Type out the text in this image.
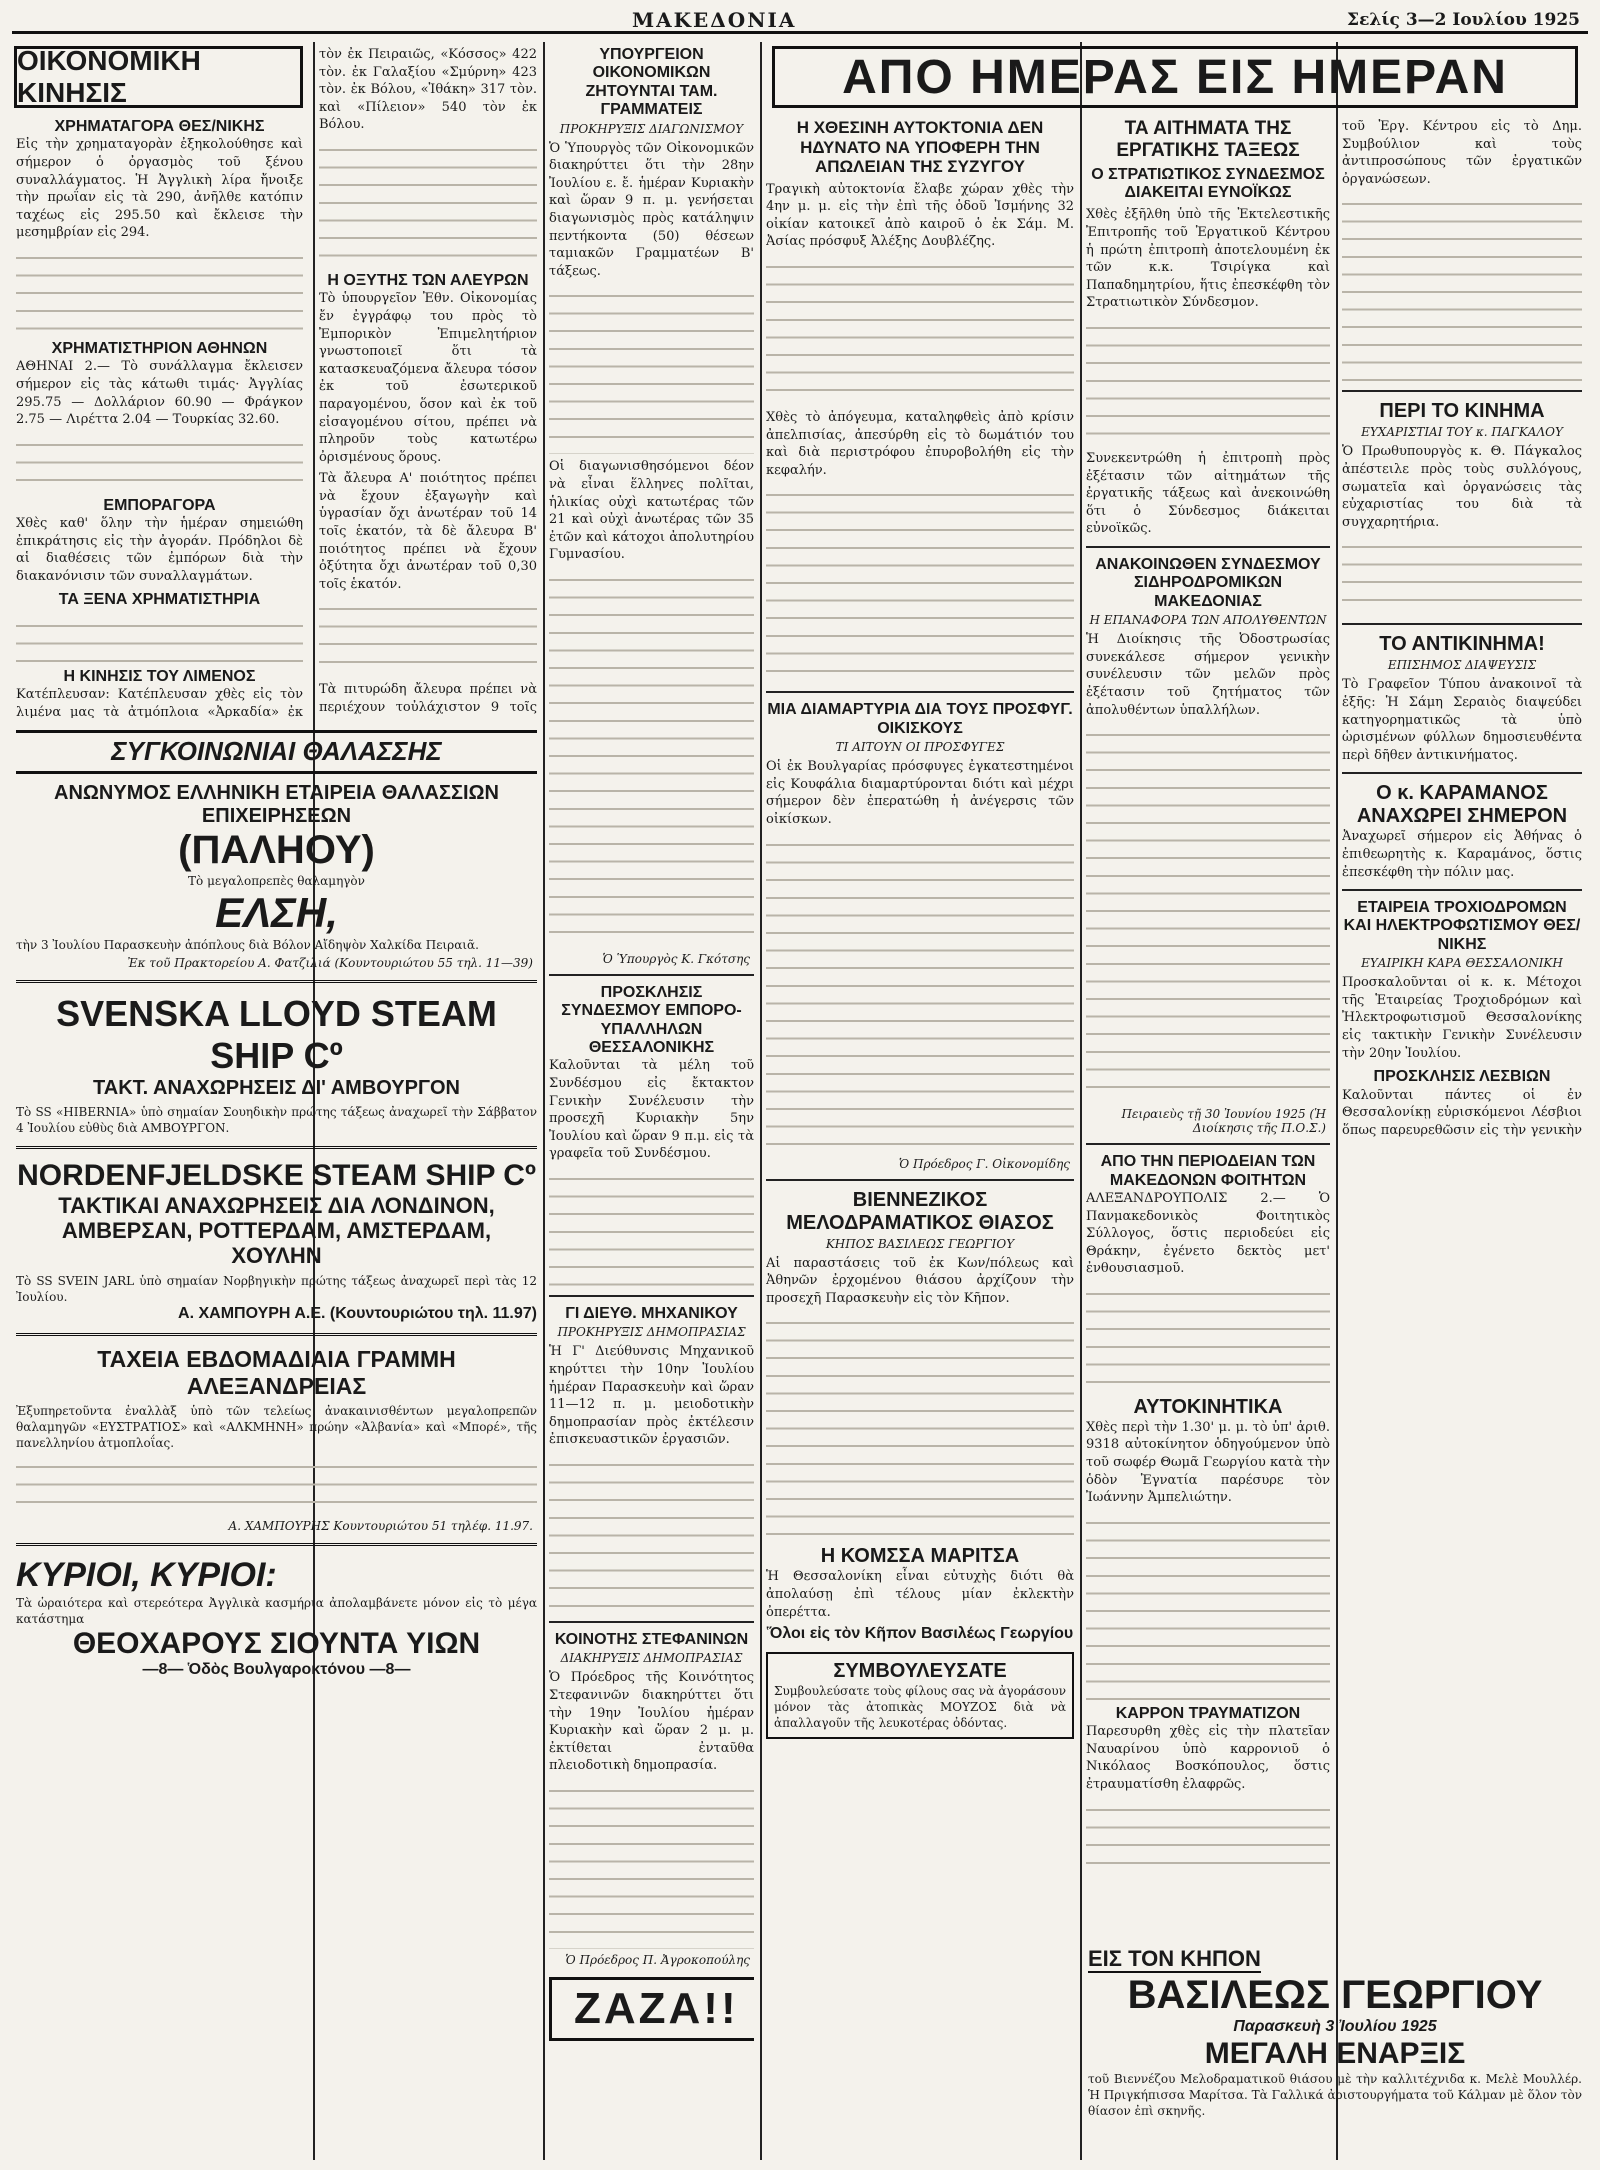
ΜΑΚΕΔΟΝΙΑ	Σελίς 3—2 Ιουλίου 1925
ΟΙΚΟΝΟΜΙΚΗ ΚΙΝΗΣΙΣ	ΑΠΟ ΗΜΕΡΑΣ ΕΙΣ ΗΜΕΡΑΝ
ΧΡΗΜΑΤΑΓΟΡΑ ΘΕΣ/ΝΙΚΗΣ
Εἰς τὴν χρηματαγορὰν ἐξηκολούθησε καὶ σήμερον ὁ ὀργασμὸς τοῦ ξένου συναλλάγματος. Ἡ Ἀγγλικὴ λίρα ἤνοιξε τὴν πρωΐαν εἰς τὰ 290, ἀνῆλθε κατόπιν ταχέως εἰς 295.50 καὶ ἔκλεισε τὴν μεσημβρίαν εἰς 294.
ΧΡΗΜΑΤΙΣΤΗΡΙΟΝ ΑΘΗΝΩΝ
ΑΘΗΝΑΙ 2.— Τὸ συνάλλαγμα ἔκλεισεν σήμερον εἰς τὰς κάτωθι τιμάς· Ἀγγλίας 295.75 — Δολλάριον 60.90 — Φράγκον 2.75 — Λιρέττα 2.04 — Τουρκίας 32.60.
ΕΜΠΟΡΑΓΟΡΑ
Χθὲς καθ' ὅλην τὴν ἡμέραν σημειώθη ἐπικράτησις εἰς τὴν ἀγοράν. Πρόδηλοι δὲ αἱ διαθέσεις τῶν ἐμπόρων διὰ τὴν διακανόνισιν τῶν συναλλαγμάτων.
ΤΑ ΞΕΝΑ ΧΡΗΜΑΤΙΣΤΗΡΙΑ
Η ΚΙΝΗΣΙΣ ΤΟΥ ΛΙΜΕΝΟΣ
Κατέπλευσαν: Κατέπλευσαν χθὲς εἰς τὸν λιμένα μας τὰ ἀτμόπλοια «Ἀρκαδία» ἐκ
τὸν ἐκ Πειραιῶς, «Κόσσος» 422 τὸν. ἐκ Γαλαξίου «Σμύρνη» 423 τὸν. ἐκ Βόλου, «Ἰθάκη» 317 τὸν. καὶ «Πίλειον» 540 τὸν ἐκ Βόλου.
Η ΟΞΥΤΗΣ ΤΩΝ ΑΛΕΥΡΩΝ
Τὸ ὑπουργεῖον Ἐθν. Οἰκονομίας ἔν ἐγγράφῳ του πρὸς τὸ Ἐμπορικὸν Ἐπιμελητήριον γνωστοποιεῖ ὅτι τὰ κατασκευαζόμενα ἄλευρα τόσον ἐκ τοῦ ἐσωτερικοῦ παραγομένου, ὅσον καὶ ἐκ τοῦ εἰσαγομένου σίτου, πρέπει νὰ πληροῦν τοὺς κατωτέρω ὀρισμένους ὅρους.
Τὰ ἄλευρα Α' ποιότητος πρέπει νὰ ἔχουν ἐξαγωγὴν καὶ ὑγρασίαν ὄχι ἀνωτέραν τοῦ 14 τοῖς ἑκατόν, τὰ δὲ ἄλευρα Β' ποιότητος πρέπει νὰ ἔχουν ὀξύτητα ὄχι ἀνωτέραν τοῦ 0,30 τοῖς ἑκατόν.
Τὰ πιτυρώδη ἄλευρα πρέπει νὰ περιέχουν τοὐλάχιστον 9 τοῖς
ΣΥΓΚΟΙΝΩΝΙΑΙ ΘΑΛΑΣΣΗΣ
ΑΝΩΝΥΜΟΣ ΕΛΛΗΝΙΚΗ ΕΤΑΙΡΕΙΑ ΘΑΛΑΣΣΙΩΝ ΕΠΙΧΕΙΡΗΣΕΩΝ
(ΠΑΛΗΟΥ)
Τὸ μεγαλοπρεπὲς θαλαμηγὸν
ΕΛΣΗ,
τὴν 3 Ἰουλίου Παρασκευὴν ἀπόπλους διὰ Βόλον Αἴδηψὸν Χαλκίδα Πειραιᾶ.
Ἐκ τοῦ Πρακτορείου Α. Φατζιλιά (Κουντουριώτου 55 τηλ. 11—39)
SVENSKA LLOYD STEAM SHIP Cº
ΤΑΚΤ. ΑΝΑΧΩΡΗΣΕΙΣ ΔΙ' ΑΜΒΟΥΡΓΟΝ
Τὸ SS «HIBERNIA» ὑπὸ σημαίαν Σουηδικὴν πρώτης τάξεως ἀναχωρεῖ τὴν Σάββατον 4 Ἰουλίου εὐθὺς διὰ ΑΜΒΟΥΡΓΟΝ.
NORDENFJELDSKE STEAM SHIP Cº
ΤΑΚΤΙΚΑΙ ΑΝΑΧΩΡΗΣΕΙΣ ΔΙΑ ΛΟΝΔΙΝΟΝ, ΑΜΒΕΡΣΑΝ, ΡΟΤΤΕΡΔΑΜ, ΑΜΣΤΕΡΔΑΜ, ΧΟΥΛΗΝ
Τὸ SS SVEIN JARL ὑπὸ σημαίαν Νορβηγικὴν πρώτης τάξεως ἀναχωρεῖ περὶ τὰς 12 Ἰουλίου.
Α. ΧΑΜΠΟΥΡΗ Α.Ε. (Κουντουριώτου τηλ. 11.97)
ΤΑΧΕΙΑ ΕΒΔΟΜΑΔΙΑΙΑ ΓΡΑΜΜΗ ΑΛΕΞΑΝΔΡΕΙΑΣ
Ἐξυπηρετοῦντα ἐναλλὰξ ὑπὸ τῶν τελείως ἀνακαινισθέντων μεγαλοπρεπῶν θαλαμηγῶν «ΕΥΣΤΡΑΤΙΟΣ» καὶ «ΑΛΚΜΗΝΗ» πρώην «Ἀλβανία» καὶ «Μπορέ», τῆς πανελληνίου ἀτμοπλοΐας.
Α. ΧΑΜΠΟΥΡΗΣ Κουντουριώτου 51 τηλέφ. 11.97.
ΚΥΡΙΟΙ, ΚΥΡΙΟΙ:
Τὰ ὡραιότερα καὶ στερεότερα Ἀγγλικὰ κασμήρια ἀπολαμβάνετε μόνον εἰς τὸ μέγα κατάστημα
ΘΕΟΧΑΡΟΥΣ ΣΙΟΥΝΤΑ ΥΙΩΝ
—8— Ὁδὸς Βουλγαροκτόνου —8—
ΥΠΟΥΡΓΕΙΟΝ ΟΙΚΟΝΟΜΙΚΩΝ ΖΗΤΟΥΝΤΑΙ ΤΑΜ. ΓΡΑΜΜΑΤΕΙΣ
ΠΡΟΚΗΡΥΞΙΣ ΔΙΑΓΩΝΙΣΜΟΥ
Ὁ Ὑπουργὸς τῶν Οἰκονομικῶν διακηρύττει ὅτι τὴν 28ην Ἰουλίου ε. ἔ. ἡμέραν Κυριακὴν καὶ ὥραν 9 π. μ. γενήσεται διαγωνισμὸς πρὸς κατάληψιν πεντήκοντα (50) θέσεων ταμιακῶν Γραμματέων Β' τάξεως.
Οἱ διαγωνισθησόμενοι δέον νὰ εἶναι ἕλληνες πολῖται, ἡλικίας οὐχὶ κατωτέρας τῶν 21 καὶ οὐχὶ ἀνωτέρας τῶν 35 ἐτῶν καὶ κάτοχοι ἀπολυτηρίου Γυμνασίου.
Ὁ Ὑπουργὸς Κ. Γκότσης
ΠΡΟΣΚΛΗΣΙΣ ΣΥΝΔΕΣΜΟΥ ΕΜΠΟΡΟ-ΥΠΑΛΛΗΛΩΝ ΘΕΣΣΑΛΟΝΙΚΗΣ
Καλοῦνται τὰ μέλη τοῦ Συνδέσμου εἰς ἔκτακτον Γενικὴν Συνέλευσιν τὴν προσεχῆ Κυριακὴν 5ην Ἰουλίου καὶ ὥραν 9 π.μ. εἰς τὰ γραφεῖα τοῦ Συνδέσμου.
ΓΙ ΔΙΕΥΘ. ΜΗΧΑΝΙΚΟΥ
ΠΡΟΚΗΡΥΞΙΣ ΔΗΜΟΠΡΑΣΙΑΣ
Ἡ Γ' Διεύθυνσις Μηχανικοῦ κηρύττει τὴν 10ην Ἰουλίου ἡμέραν Παρασκευὴν καὶ ὥραν 11—12 π. μ. μειοδοτικὴν δημοπρασίαν πρὸς ἐκτέλεσιν ἐπισκευαστικῶν ἐργασιῶν.
ΚΟΙΝΟΤΗΣ ΣΤΕΦΑΝΙΝΩΝ
ΔΙΑΚΗΡΥΞΙΣ ΔΗΜΟΠΡΑΣΙΑΣ
Ὁ Πρόεδρος τῆς Κοινότητος Στεφανινῶν διακηρύττει ὅτι τὴν 19ην Ἰουλίου ἡμέραν Κυριακὴν καὶ ὥραν 2 μ. μ. ἐκτίθεται ἐνταῦθα πλειοδοτικὴ δημοπρασία.
Ὁ Πρόεδρος Π. Ἀγροκοπούλης
ΖΑΖΑ!!
Η ΧΘΕΣΙΝΗ ΑΥΤΟΚΤΟΝΙΑ ΔΕΝ ΗΔΥΝΑΤΟ ΝΑ ΥΠΟΦΕΡΗ ΤΗΝ ΑΠΩΛΕΙΑΝ ΤΗΣ ΣΥΖΥΓΟΥ
Τραγικὴ αὐτοκτονία ἔλαβε χώραν χθὲς τὴν 4ην μ. μ. εἰς τὴν ἐπὶ τῆς ὁδοῦ Ἰσμήνης 32 οἰκίαν κατοικεῖ ἀπὸ καιροῦ ὁ ἐκ Σάμ. Μ. Ἀσίας πρόσφυξ Ἀλέξης Δουβλέζης.
Χθὲς τὸ ἀπόγευμα, καταληφθεὶς ἀπὸ κρίσιν ἀπελπισίας, ἀπεσύρθη εἰς τὸ δωμάτιόν του καὶ διὰ περιστρόφου ἐπυροβολήθη εἰς τὴν κεφαλήν.
ΜΙΑ ΔΙΑΜΑΡΤΥΡΙΑ ΔΙΑ ΤΟΥΣ ΠΡΟΣΦΥΓ. ΟΙΚΙΣΚΟΥΣ
ΤΙ ΑΙΤΟΥΝ ΟΙ ΠΡΟΣΦΥΓΕΣ
Οἱ ἐκ Βουλγαρίας πρόσφυγες ἐγκατεστημένοι εἰς Κουφάλια διαμαρτύρονται διότι καὶ μέχρι σήμερον δὲν ἐπερατώθη ἡ ἀνέγερσις τῶν οἰκίσκων.
Ὁ Πρόεδρος Γ. Οἰκονομίδης
ΒΙΕΝΝΕΖΙΚΟΣ ΜΕΛΟΔΡΑΜΑΤΙΚΟΣ ΘΙΑΣΟΣ
ΚΗΠΟΣ ΒΑΣΙΛΕΩΣ ΓΕΩΡΓΙΟΥ
Αἱ παραστάσεις τοῦ ἐκ Κων/πόλεως καὶ Ἀθηνῶν ἐρχομένου θιάσου ἀρχίζουν τὴν προσεχῆ Παρασκευὴν εἰς τὸν Κῆπον.
Η ΚΟΜΣΣΑ ΜΑΡΙΤΣΑ
Ἡ Θεσσαλονίκη εἶναι εὐτυχὴς διότι θὰ ἀπολαύσῃ ἐπὶ τέλους μίαν ἐκλεκτὴν ὀπερέττα.
Ὅλοι εἰς τὸν Κῆπον Βασιλέως Γεωργίου
ΣΥΜΒΟΥΛΕΥΣΑΤΕ
Συμβουλεύσατε τοὺς φίλους σας νὰ ἀγοράσουν μόνον τὰς ἀτοπικὰς ΜΟΥΖΟΣ διὰ νὰ ἀπαλλαγοῦν τῆς λευκοτέρας ὀδόντας.
ΤΑ ΑΙΤΗΜΑΤΑ ΤΗΣ ΕΡΓΑΤΙΚΗΣ ΤΑΞΕΩΣ
Ο ΣΤΡΑΤΙΩΤΙΚΟΣ ΣΥΝΔΕΣΜΟΣ ΔΙΑΚΕΙΤΑΙ ΕΥΝΟΪΚΩΣ
Χθὲς ἐξῆλθη ὑπὸ τῆς Ἐκτελεστικῆς Ἐπιτροπῆς τοῦ Ἐργατικοῦ Κέντρου ἡ πρώτη ἐπιτροπὴ ἀποτελουμένη ἐκ τῶν κ.κ. Τσιρίγκα καὶ Παπαδημητρίου, ἥτις ἐπεσκέφθη τὸν Στρατιωτικὸν Σύνδεσμον.
Συνεκεντρώθη ἡ ἐπιτροπὴ πρὸς ἐξέτασιν τῶν αἰτημάτων τῆς ἐργατικῆς τάξεως καὶ ἀνεκοινώθη ὅτι ὁ Σύνδεσμος διάκειται εὐνοϊκῶς.
ΑΝΑΚΟΙΝΩΘΕΝ ΣΥΝΔΕΣΜΟΥ ΣΙΔΗΡΟΔΡΟΜΙΚΩΝ ΜΑΚΕΔΟΝΙΑΣ
Η ΕΠΑΝΑΦΟΡΑ ΤΩΝ ΑΠΟΛΥΘΕΝΤΩΝ
Ἡ Διοίκησις τῆς Ὀδοστρωσίας συνεκάλεσε σήμερον γενικὴν συνέλευσιν τῶν μελῶν πρὸς ἐξέτασιν τοῦ ζητήματος τῶν ἀπολυθέντων ὑπαλλήλων.
Πειραιεὺς τῇ 30 Ἰουνίου 1925 (Ἡ Διοίκησις τῆς Π.Ο.Σ.)
ΑΠΟ ΤΗΝ ΠΕΡΙΟΔΕΙΑΝ ΤΩΝ ΜΑΚΕΔΟΝΩΝ ΦΟΙΤΗΤΩΝ
ΑΛΕΞΑΝΔΡΟΥΠΟΛΙΣ 2.— Ὁ Πανμακεδονικὸς Φοιτητικὸς Σύλλογος, ὅστις περιοδεύει εἰς Θράκην, ἐγένετο δεκτὸς μετ' ἐνθουσιασμοῦ.
ΑΥΤΟΚΙΝΗΤΙΚΑ
Χθὲς περὶ τὴν 1.30' μ. μ. τὸ ὑπ' ἀριθ. 9318 αὐτοκίνητον ὁδηγούμενον ὑπὸ τοῦ σωφέρ Θωμᾶ Γεωργίου κατὰ τὴν ὁδὸν Ἐγνατία παρέσυρε τὸν Ἰωάννην Ἀμπελιώτην.
ΚΑΡΡΟΝ ΤΡΑΥΜΑΤΙΖΟΝ
Παρεσυρθη χθὲς εἰς τὴν πλατεῖαν Ναυαρίνου ὑπὸ καρρονιοῦ ὁ Νικόλαος Βοσκόπουλος, ὅστις ἐτραυματίσθη ἐλαφρῶς.
τοῦ Ἐργ. Κέντρου εἰς τὸ Δημ. Συμβούλιον καὶ τοὺς ἀντιπροσώπους τῶν ἐργατικῶν ὀργανώσεων.
ΠΕΡΙ ΤΟ ΚΙΝΗΜΑ
ΕΥΧΑΡΙΣΤΙΑΙ ΤΟΥ κ. ΠΑΓΚΑΛΟΥ
Ὁ Πρωθυπουργὸς κ. Θ. Πάγκαλος ἀπέστειλε πρὸς τοὺς συλλόγους, σωματεῖα καὶ ὀργανώσεις τὰς εὐχαριστίας του διὰ τὰ συγχαρητήρια.
ΤΟ ΑΝΤΙΚΙΝΗΜΑ!
ΕΠΙΣΗΜΟΣ ΔΙΑΨΕΥΣΙΣ
Τὸ Γραφεῖον Τύπου ἀνακοινοῖ τὰ ἑξῆς: Ἡ Σάμη Σεραιὸς διαψεύδει κατηγορηματικῶς τὰ ὑπὸ ὡρισμένων φύλλων δημοσιευθέντα περὶ δῆθεν ἀντικινήματος.
Ο κ. ΚΑΡΑΜΑΝΟΣ ΑΝΑΧΩΡΕΙ ΣΗΜΕΡΟΝ
Ἀναχωρεῖ σήμερον εἰς Ἀθήνας ὁ ἐπιθεωρητὴς κ. Καραμάνος, ὅστις ἐπεσκέφθη τὴν πόλιν μας.
ΕΤΑΙΡΕΙΑ ΤΡΟΧΙΟΔΡΟΜΩΝ ΚΑΙ ΗΛΕΚΤΡΟΦΩΤΙΣΜΟΥ ΘΕΣ/ΝΙΚΗΣ
ΕΥΑΙΡΙΚΗ ΚΑΡΑ ΘΕΣΣΑΛΟΝΙΚΗ
Προσκαλοῦνται οἱ κ. κ. Μέτοχοι τῆς Ἑταιρείας Τροχιοδρόμων καὶ Ἠλεκτροφωτισμοῦ Θεσσαλονίκης εἰς τακτικὴν Γενικὴν Συνέλευσιν τὴν 20ην Ἰουλίου.
ΠΡΟΣΚΛΗΣΙΣ ΛΕΣΒΙΩΝ
Καλοῦνται πάντες οἱ ἐν Θεσσαλονίκῃ εὑρισκόμενοι Λέσβιοι ὅπως παρευρεθῶσιν εἰς τὴν γενικὴν
ΕΙΣ ΤΟΝ ΚΗΠΟΝ
ΒΑΣΙΛΕΩΣ ΓΕΩΡΓΙΟΥ
Παρασκευὴ 3 Ἰουλίου 1925
ΜΕΓΑΛΗ ΕΝΑΡΞΙΣ
τοῦ Βιεννέζου Μελοδραματικοῦ θιάσου μὲ τὴν καλλιτέχνιδα κ. Μελὲ Μουλλέρ. Ἡ Πριγκήπισσα Μαρίτσα. Τὰ Γαλλικά ἀριστουργήματα τοῦ Κάλμαν μὲ ὅλον τὸν θίασον ἐπὶ σκηνῆς.
